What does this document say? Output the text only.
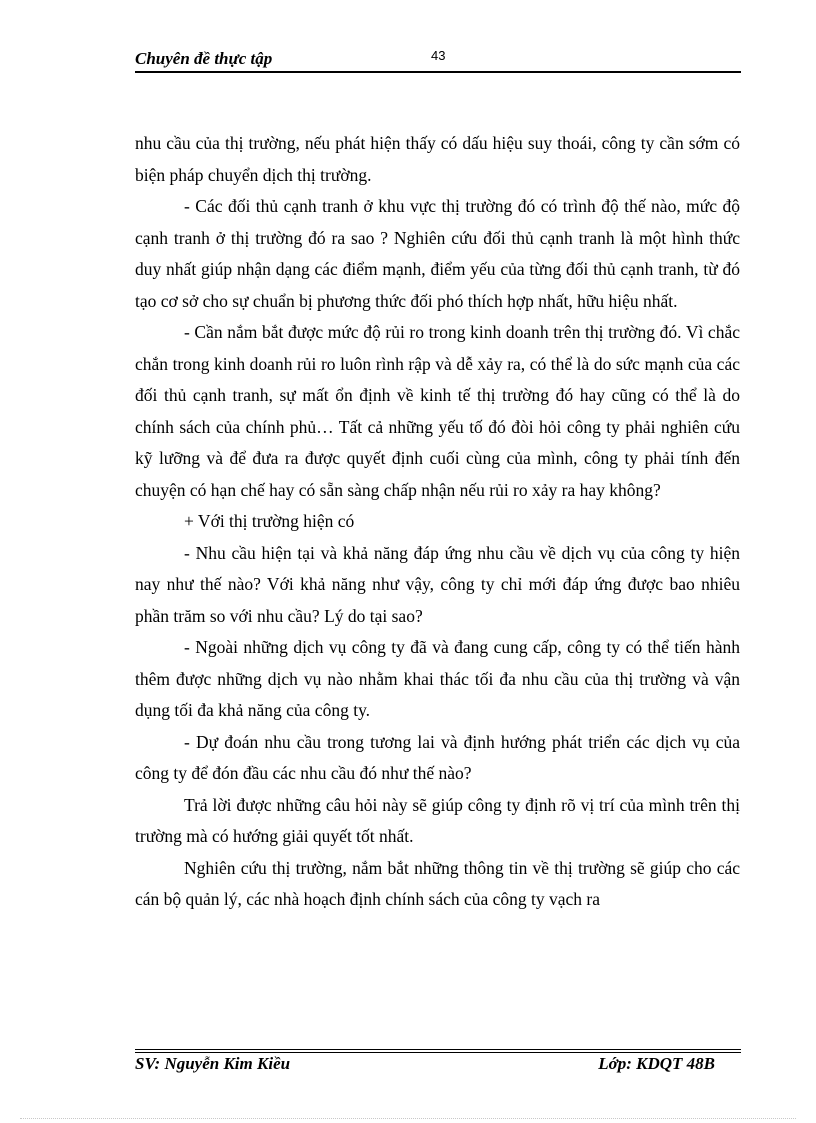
Chuyên đề thực tập	43

nhu cầu của thị trường, nếu phát hiện thấy có dấu hiệu suy thoái, công ty cần sớm có biện pháp chuyển dịch thị trường.

- Các đối thủ cạnh tranh ở khu vực thị trường đó có trình độ thế nào, mức độ cạnh tranh ở thị trường đó ra sao ? Nghiên cứu đối thủ cạnh tranh là một hình thức duy nhất giúp nhận dạng các điểm mạnh, điểm yếu của từng đối thủ cạnh tranh, từ đó tạo cơ sở cho sự chuẩn bị phương thức đối phó thích hợp nhất, hữu hiệu nhất.

- Cần nắm bắt được mức độ rủi ro trong kinh doanh trên thị trường đó. Vì chắc chắn trong kinh doanh rủi ro luôn rình rập và dễ xảy ra, có thể là do sức mạnh của các đối thủ cạnh tranh, sự mất ổn định về kinh tế thị trường đó hay cũng có thể là do chính sách của chính phủ… Tất cả những yếu tố đó đòi hỏi công ty phải nghiên cứu kỹ lưỡng và để đưa ra được quyết định cuối cùng của mình, công ty phải tính đến chuyện có hạn chế hay có sẵn sàng chấp nhận nếu rủi ro xảy ra hay không?

+ Với thị trường hiện có

- Nhu cầu hiện tại và khả năng đáp ứng nhu cầu về dịch vụ của công ty hiện nay như thế nào? Với khả năng như vậy, công ty chỉ mới đáp ứng được bao nhiêu phần trăm so với nhu cầu? Lý do tại sao?

- Ngoài những dịch vụ công ty đã và đang cung cấp, công ty có thể tiến hành thêm được những dịch vụ nào nhằm khai thác tối đa nhu cầu của thị trường và vận dụng tối đa khả năng của công ty.

- Dự đoán nhu cầu trong tương lai và định hướng phát triển các dịch vụ của công ty để đón đầu các nhu cầu đó như thế nào?

Trả lời được những câu hỏi này sẽ giúp công ty định rõ vị trí của mình trên thị trường mà có hướng giải quyết tốt nhất.

Nghiên cứu thị trường, nắm bắt những thông tin về thị trường sẽ giúp cho các cán bộ quản lý, các nhà hoạch định chính sách của công ty vạch ra

SV: Nguyễn Kim Kiều	Lớp: KDQT 48B
